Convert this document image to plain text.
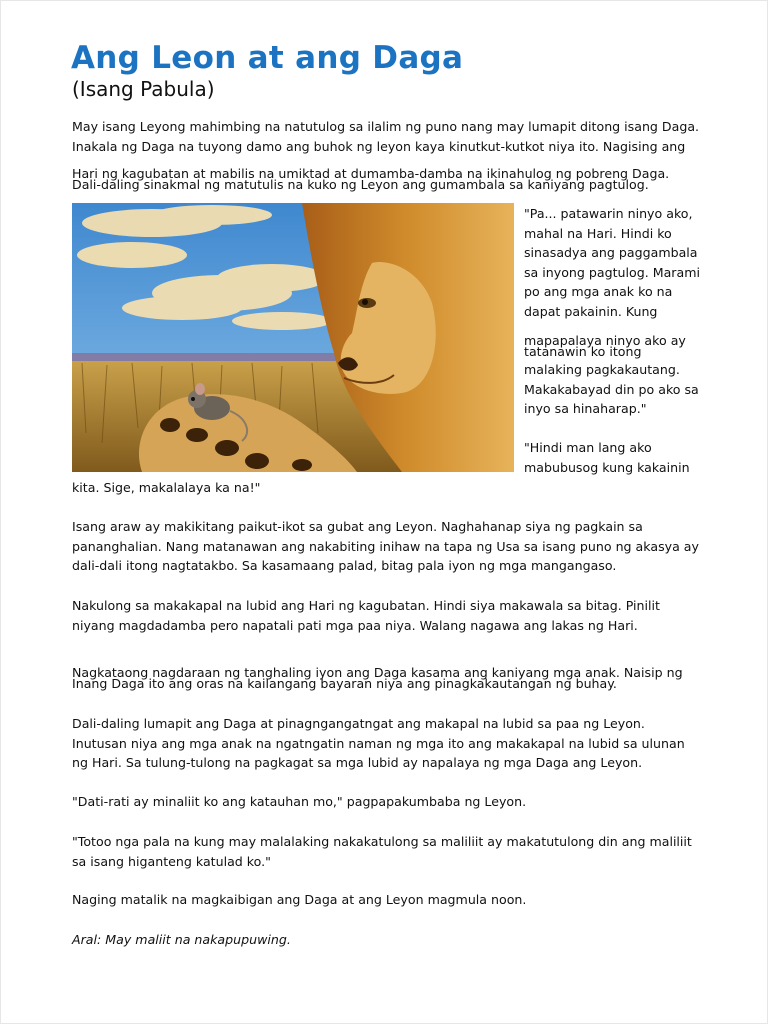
Ang Leon at ang Daga

(Isang Pabula)

May isang Leyong mahimbing na natutulog sa ilalim ng puno nang may lumapit ditong isang Daga. Inakala ng Daga na tuyong damo ang buhok ng leyon kaya kinutkut-kutkot niya ito. Nagising ang

Hari ng kagubatan at mabilis na umiktad at dumamba-damba na ikinahulog ng pobreng Daga. Dali-daling sinakmal ng matutulis na kuko ng Leyon ang gumambala sa kaniyang pagtulog.

"Pa... patawarin ninyo ako, mahal na Hari. Hindi ko sinasadya ang paggambala sa inyong pagtulog. Marami po ang mga anak ko na dapat pakainin. Kung

mapapalaya ninyo ako ay tatanawin ko itong

malaking pagkakautang. Makakabayad din po ako sa inyo sa hinaharap."

"Hindi man lang ako mabubusog kung kakainin

kita. Sige, makalalaya ka na!"

Isang araw ay makikitang paikut-ikot sa gubat ang Leyon. Naghahanap siya ng pagkain sa pananghalian. Nang matanawan ang nakabiting inihaw na tapa ng Usa sa isang puno ng akasya ay dali-dali itong nagtatakbo. Sa kasamaang palad, bitag pala iyon ng mga mangangaso.

Nakulong sa makakapal na lubid ang Hari ng kagubatan. Hindi siya makawala sa bitag. Pinilit niyang magdadamba pero napatali pati mga paa niya. Walang nagawa ang lakas ng Hari.

Nagkataong nagdaraan ng tanghaling iyon ang Daga kasama ang kaniyang mga anak. Naisip ng Inang Daga ito ang oras na kailangang bayaran niya ang pinagkakautangan ng buhay.

Dali-daling lumapit ang Daga at pinagngangatngat ang makapal na lubid sa paa ng Leyon. Inutusan niya ang mga anak na ngatngatin naman ng mga ito ang makakapal na lubid sa ulunan ng Hari. Sa tulung-tulong na pagkagat sa mga lubid ay napalaya ng mga Daga ang Leyon.

"Dati-rati ay minaliit ko ang katauhan mo," pagpapakumbaba ng Leyon.

"Totoo nga pala na kung may malalaking nakakatulong sa maliliit ay makatutulong din ang maliliit sa isang higanteng katulad ko."

Naging matalik na magkaibigan ang Daga at ang Leyon magmula noon.

Aral: May maliit na nakapupuwing.
